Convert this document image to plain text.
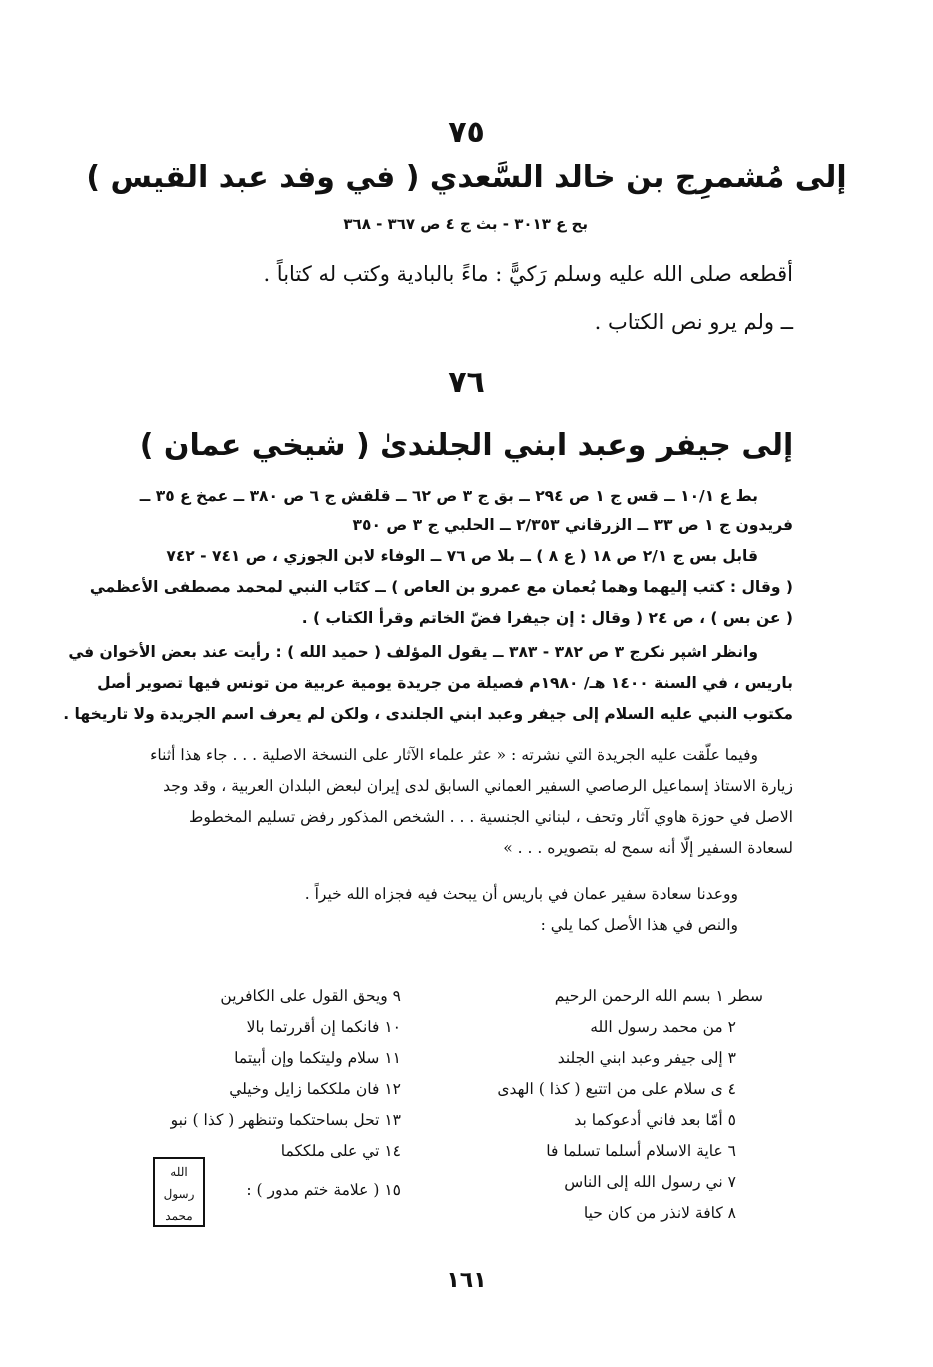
٧٥
إلى مُشمرِج بن خالد السَّعدي ( في وفد عبد القيس )
بح ع ٣٠١٣ - بث ج ٤ ص ٣٦٧ - ٣٦٨
أقطعه صلى الله عليه وسلم رَكيًّ : ماءً بالبادية وكتب له كتاباً .
ــ ولم يرو نص الكتاب .
٧٦
إلى جيفر وعبد ابني الجلندىٰ ( شيخي عمان )
بط ع ١٠/١ ــ قس ج ١ ص ٢٩٤ ــ بق ج ٣ ص ٦٢ ــ قلقش ج ٦ ص ٣٨٠ ــ عمخ ع ٣٥ ــ
فريدون ج ١ ص ٣٣ ــ الزرقاني ٢/٣٥٣ ــ الحلبي ج ٣ ص ٣٥٠
قابل بس ج ٢/١ ص ١٨ ( ع ٨ ) ــ بلا ص ٧٦ ــ الوفاء لابن الجوزي ، ص ٧٤١ - ٧٤٢
( وقال : كتب إليهما وهما بُعمان مع عمرو بن العاص ) ــ كتَاب النبي لمحمد مصطفى الأعظمي
( عن بس ) ، ص ٢٤ ( وقال : إن جيفرا فضّ الخاتم وقرأ الكتاب ) .
وانظر اشپر نكرج ٣ ص ٣٨٢ - ٣٨٣ ــ يقول المؤلف ( حميد الله ) : رأيت عند بعض الأخوان في
باريس ، في السنة ١٤٠٠ هـ/ ١٩٨٠م فصيلة من جريدة يومية عربية من تونس فيها تصوير أصل
مكتوب النبي عليه السلام إلى جيفر وعبد ابني الجلندى ، ولكن لم يعرف اسم الجريدة ولا تاريخها .
وفيما علّقت عليه الجريدة التي نشرته : « عثر علماء الآثار على النسخة الاصلية . . . جاء هذا أثناء
زيارة الاستاذ إسماعيل الرصاصي السفير العماني السابق لدى إيران لبعض البلدان العربية ، وقد وجد
الاصل في حوزة هاوي آثار وتحف ، لبناني الجنسية . . . الشخص المذكور رفض تسليم المخطوط
لسعادة السفير إلّا أنه سمح له بتصويره . . . »
ووعدنا سعادة سفير عمان في باريس أن يبحث فيه فجزاه الله خيراً .
والنص في هذا الأصل كما يلي :
سطر ١ بسم الله الرحمن الرحيم
٢ من محمد رسول الله
٣ إلى جيفر وعبد ابني الجلند
٤ ى سلام على من اتتبع ( كذا ) الهدى
٥ أمّا بعد فاني أدعوكما بد
٦ عاية الاسلام أسلما تسلما فا
٧ ني رسول الله إلى الناس
٨ كافة لانذر من كان حيا
٩ ويحق القول على الكافرين
١٠ فانكما إن أقررتما بالا
١١ سلام وليتكما وإن أبيتما
١٢ فان ملككما زايل وخيلي
١٣ تحل بساحتكما وتنظهر ( كذا ) نبو
١٤ تي على ملككما
١٥ ( علامة ختم مدور ) :
الله
رسول
محمد
١٦١
